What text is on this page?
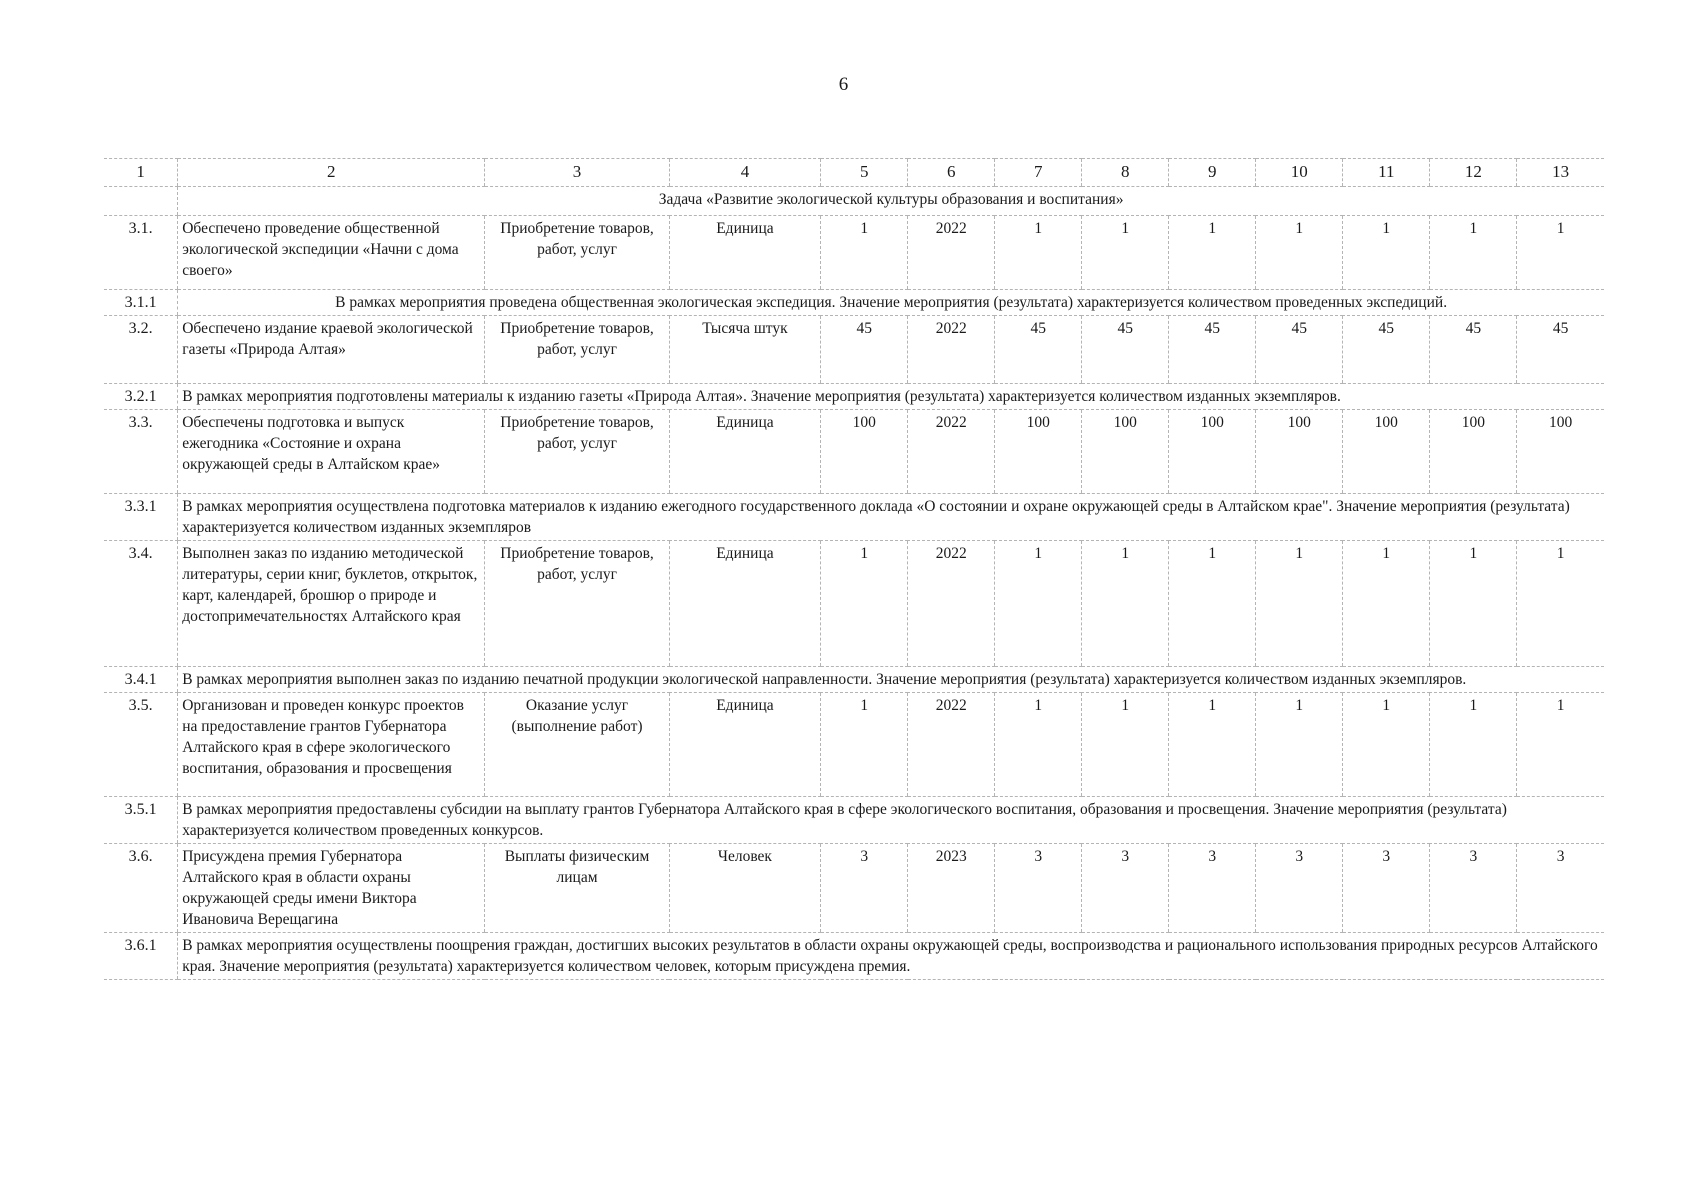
6
1	2	3	4	5	6	7	8	9	10	11	12	13
	Задача «Развитие экологической культуры образования и воспитания»											
3.1.	Обеспечено проведение общественной экологической экспедиции «Начни с дома своего»	Приобретение товаров, работ, услуг	Единица	1	2022	1	1	1	1	1	1	1
3.1.1	В рамках мероприятия проведена общественная экологическая экспедиция. Значение мероприятия (результата) характеризуется количеством проведенных экспедиций.											
3.2.	Обеспечено издание краевой экологической газеты «Природа Алтая»	Приобретение товаров, работ, услуг	Тысяча штук	45	2022	45	45	45	45	45	45	45
3.2.1	В рамках мероприятия подготовлены материалы к изданию газеты «Природа Алтая». Значение мероприятия (результата) характеризуется количеством изданных экземпляров.											
3.3.	Обеспечены подготовка и выпуск ежегодника «Состояние и охрана окружающей среды в Алтайском крае»	Приобретение товаров, работ, услуг	Единица	100	2022	100	100	100	100	100	100	100
3.3.1	В рамках мероприятия осуществлена подготовка материалов к изданию ежегодного государственного доклада «О состоянии и охране окружающей среды в Алтайском крае". Значение мероприятия (результата) характеризуется количеством изданных экземпляров											
3.4.	Выполнен заказ по изданию методической литературы, серии книг, буклетов, открыток, карт, календарей, брошюр о природе и достопримечательностях Алтайского края	Приобретение товаров, работ, услуг	Единица	1	2022	1	1	1	1	1	1	1
3.4.1	В рамках мероприятия выполнен заказ по изданию печатной продукции экологической направленности. Значение мероприятия (результата) характеризуется количеством изданных экземпляров.											
3.5.	Организован и проведен конкурс проектов на предоставление грантов Губернатора Алтайского края в сфере экологического воспитания, образования и просвещения	Оказание услуг (выполнение работ)	Единица	1	2022	1	1	1	1	1	1	1
3.5.1	В рамках мероприятия предоставлены субсидии на выплату грантов Губернатора Алтайского края в сфере экологического воспитания, образования и просвещения. Значение мероприятия (результата) характеризуется количеством проведенных конкурсов.											
3.6.	Присуждена премия Губернатора Алтайского края в области охраны окружающей среды имени Виктора Ивановича Верещагина	Выплаты физическим лицам	Человек	3	2023	3	3	3	3	3	3	3
3.6.1	В рамках мероприятия осуществлены поощрения граждан, достигших высоких результатов в области охраны окружающей среды, воспроизводства и рационального использования природных ресурсов Алтайского края. Значение мероприятия (результата) характеризуется количеством человек, которым присуждена премия.											
